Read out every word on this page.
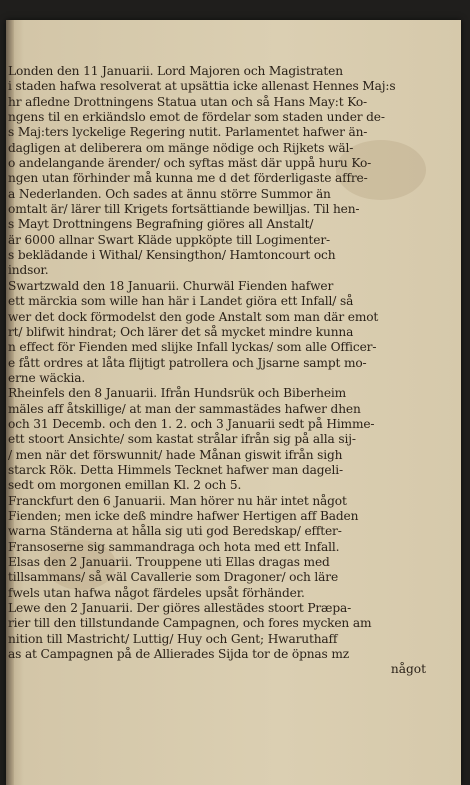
Londen den 11 Januarii. Lord Majoren och Magistraten
i staden hafwa resolverat at upsättia icke allenast Hennes Maj:s
hr afledne Drottningens Statua utan och så Hans May:t Ko-
ngens til en erkiändslo emot de fördelar som staden under de-
s Maj:ters lyckelige Regering nutit. Parlamentet hafwer än-
dagligen at deliberera om mänge nödige och Rijkets wäl-
o andelangande ärender/ och syftas mäst där uppå huru Ko-
ngen utan förhinder må kunna me d det förderligaste affre-
a Nederlanden. Och sades at ännu större Summor än
omtalt är/ lärer till Krigets fortsättiande bewilljas. Til hen-
s Mayt Drottningens Begrafning giöres all Anstalt/
är 6000 allnar Swart Kläde uppköpte till Logimenter-
s beklädande i Withal/ Kensingthon/ Hamtoncourt och
indsor.
Swartzwald den 18 Januarii. Churwäl Fienden hafwer
ett märckia som wille han här i Landet giöra ett Infall/ så
wer det dock förmodelst den gode Anstalt som man där emot
rt/ blifwit hindrat; Och lärer det så mycket mindre kunna
n effect för Fienden med slijke Infall lyckas/ som alle Officer-
e fått ordres at låta flijtigt patrollera och Jjsarne sampt mo-
erne wäckia.
Rheinfels den 8 Januarii. Ifrån Hundsrük och Biberheim
mäles aff åtskillige/ at man der sammastädes hafwer dhen
och 31 Decemb. och den 1. 2. och 3 Januarii sedt på Himme-
ett stoort Ansichte/ som kastat strålar ifrån sig på alla sij-
/ men när det förswunnit/ hade Månan giswit ifrån sigh
starck Rök. Detta Himmels Tecknet hafwer man dageli-
sedt om morgonen emillan Kl. 2 och 5.
Franckfurt den 6 Januarii. Man hörer nu här intet något
Fienden; men icke deß mindre hafwer Hertigen aff Baden
warna Ständerna at hålla sig uti god Beredskap/ effter-
Fransoserne sig sammandraga och hota med ett Infall.
Elsas den 2 Januarii. Trouppene uti Ellas dragas med
tillsammans/ så wäl Cavallerie som Dragoner/ och läre
fwels utan hafwa något färdeles upsåt förhänder.
Lewe den 2 Januarii. Der giöres allestädes stoort Præpa-
rier till den tillstundande Campagnen, och fores mycken am
nition till Mastricht/ Luttig/ Huy och Gent; Hwaruthaff
as at Campagnen på de Allierades Sijda tor de öpnas mz
något
